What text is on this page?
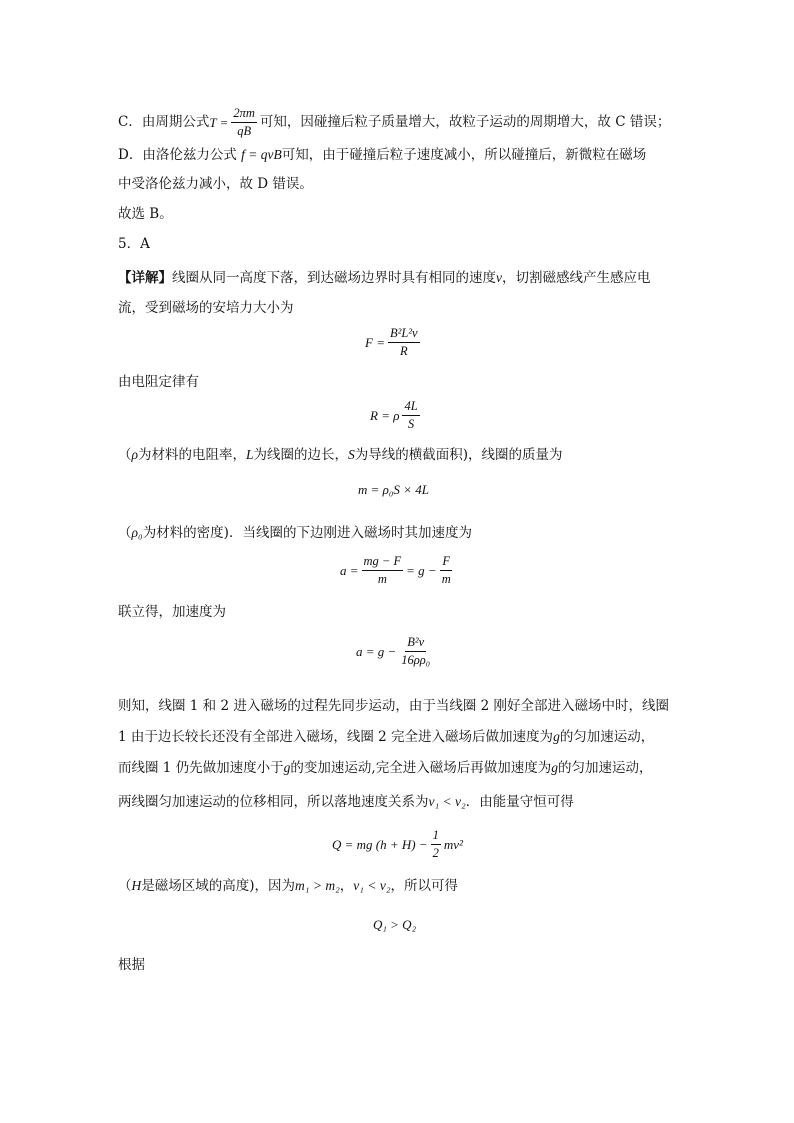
C．由周期公式 $T = \frac{2\pi m}{qB}$ 可知，因碰撞后粒子质量增大，故粒子运动的周期增大，故 C 错误；
D．由洛伦兹力公式 f = qvB可知，由于碰撞后粒子速度减小，所以碰撞后，新微粒在磁场
中受洛伦兹力减小，故 D 错误。
故选 B。
5．A
【详解】线圈从同一高度下落，到达磁场边界时具有相同的速度v，切割磁感线产生感应电
流，受到磁场的安培力大小为
$F = \frac{\text{B²L²v}}{R}$
由电阻定律有
R = ρ $\frac{4L}{S}$
（ρ为材料的电阻率，L为线圈的边长，S为导线的横截面积)，线圈的质量为
m = ρ₀S × 4L
（ρ₀为材料的密度)．当线圈的下边刚进入磁场时其加速度为
$a = \frac{mg - F}{m} = g - \frac{F}{m}$
联立得，加速度为
$a = g - \frac{\text{B²v}}{\text{16ρρ₀}}$
则知，线圈 1 和 2 进入磁场的过程先同步运动，由于当线圈 2 刚好全部进入磁场中时，线圈
1 由于边长较长还没有全部进入磁场，线圈 2 完全进入磁场后做加速度为g的匀加速运动，
而线圈 1 仍先做加速度小于g的变加速运动,完全进入磁场后再做加速度为g的匀加速运动，
两线圈匀加速运动的位移相同，所以落地速度关系为v₁ < v₂．由能量守恒可得
Q = mg $(h + H) - \frac{1}{2} mv^2$
（H是磁场区域的高度)，因为m₁ > m₂，v₁ < v₂，所以可得
Q₁ > Q₂
根据
